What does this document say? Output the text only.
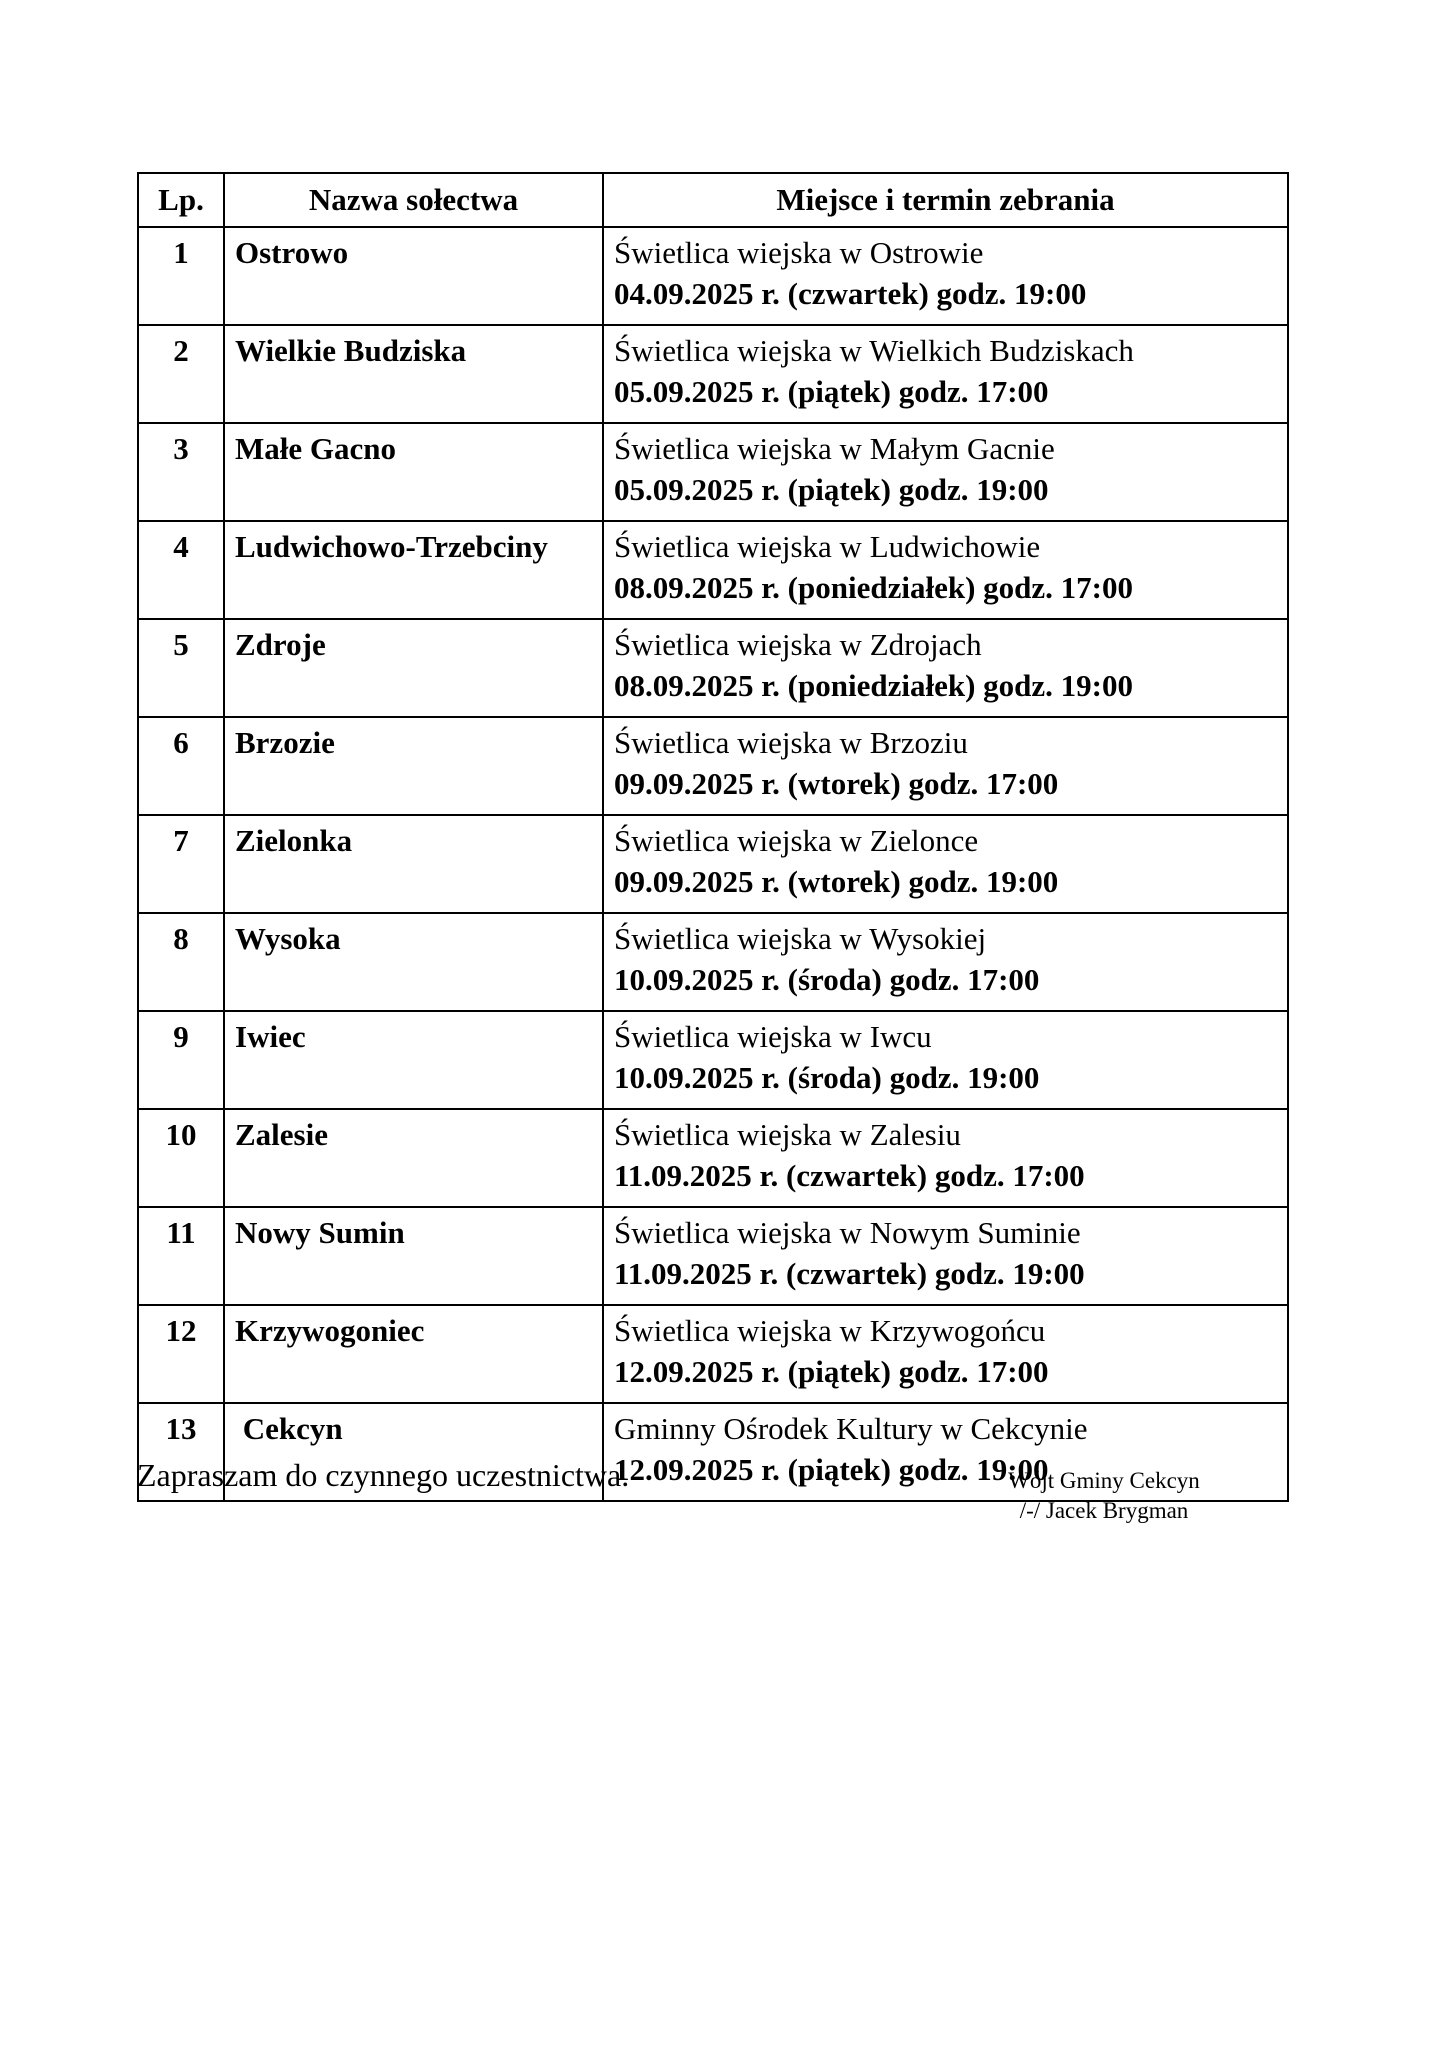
Lp.	Nazwa sołectwa	Miejsce i termin zebrania
1	Ostrowo	Świetlica wiejska w Ostrowie
04.09.2025 r. (czwartek) godz. 19:00

2	Wielkie Budziska	Świetlica wiejska w Wielkich Budziskach
05.09.2025 r. (piątek) godz. 17:00

3	Małe Gacno	Świetlica wiejska w Małym Gacnie
05.09.2025 r. (piątek) godz. 19:00

4	Ludwichowo-Trzebciny	Świetlica wiejska w Ludwichowie
08.09.2025 r. (poniedziałek) godz. 17:00

5	Zdroje	Świetlica wiejska w Zdrojach
08.09.2025 r. (poniedziałek) godz. 19:00

6	Brzozie	Świetlica wiejska w Brzoziu
09.09.2025 r. (wtorek) godz. 17:00

7	Zielonka	Świetlica wiejska w Zielonce
09.09.2025 r. (wtorek) godz. 19:00

8	Wysoka	Świetlica wiejska w Wysokiej
10.09.2025 r. (środa) godz. 17:00

9	Iwiec	Świetlica wiejska w Iwcu
10.09.2025 r. (środa) godz. 19:00

10	Zalesie	Świetlica wiejska w Zalesiu
11.09.2025 r. (czwartek) godz. 17:00

11	Nowy Sumin	Świetlica wiejska w Nowym Suminie
11.09.2025 r. (czwartek) godz. 19:00

12	Krzywogoniec	Świetlica wiejska w Krzywogońcu
12.09.2025 r. (piątek) godz. 17:00

13	Cekcyn	Gminny Ośrodek Kultury w Cekcynie
12.09.2025 r. (piątek) godz. 19:00
Zapraszam do czynnego uczestnictwa.	Wójt Gminy Cekcyn
/-/ Jacek Brygman
